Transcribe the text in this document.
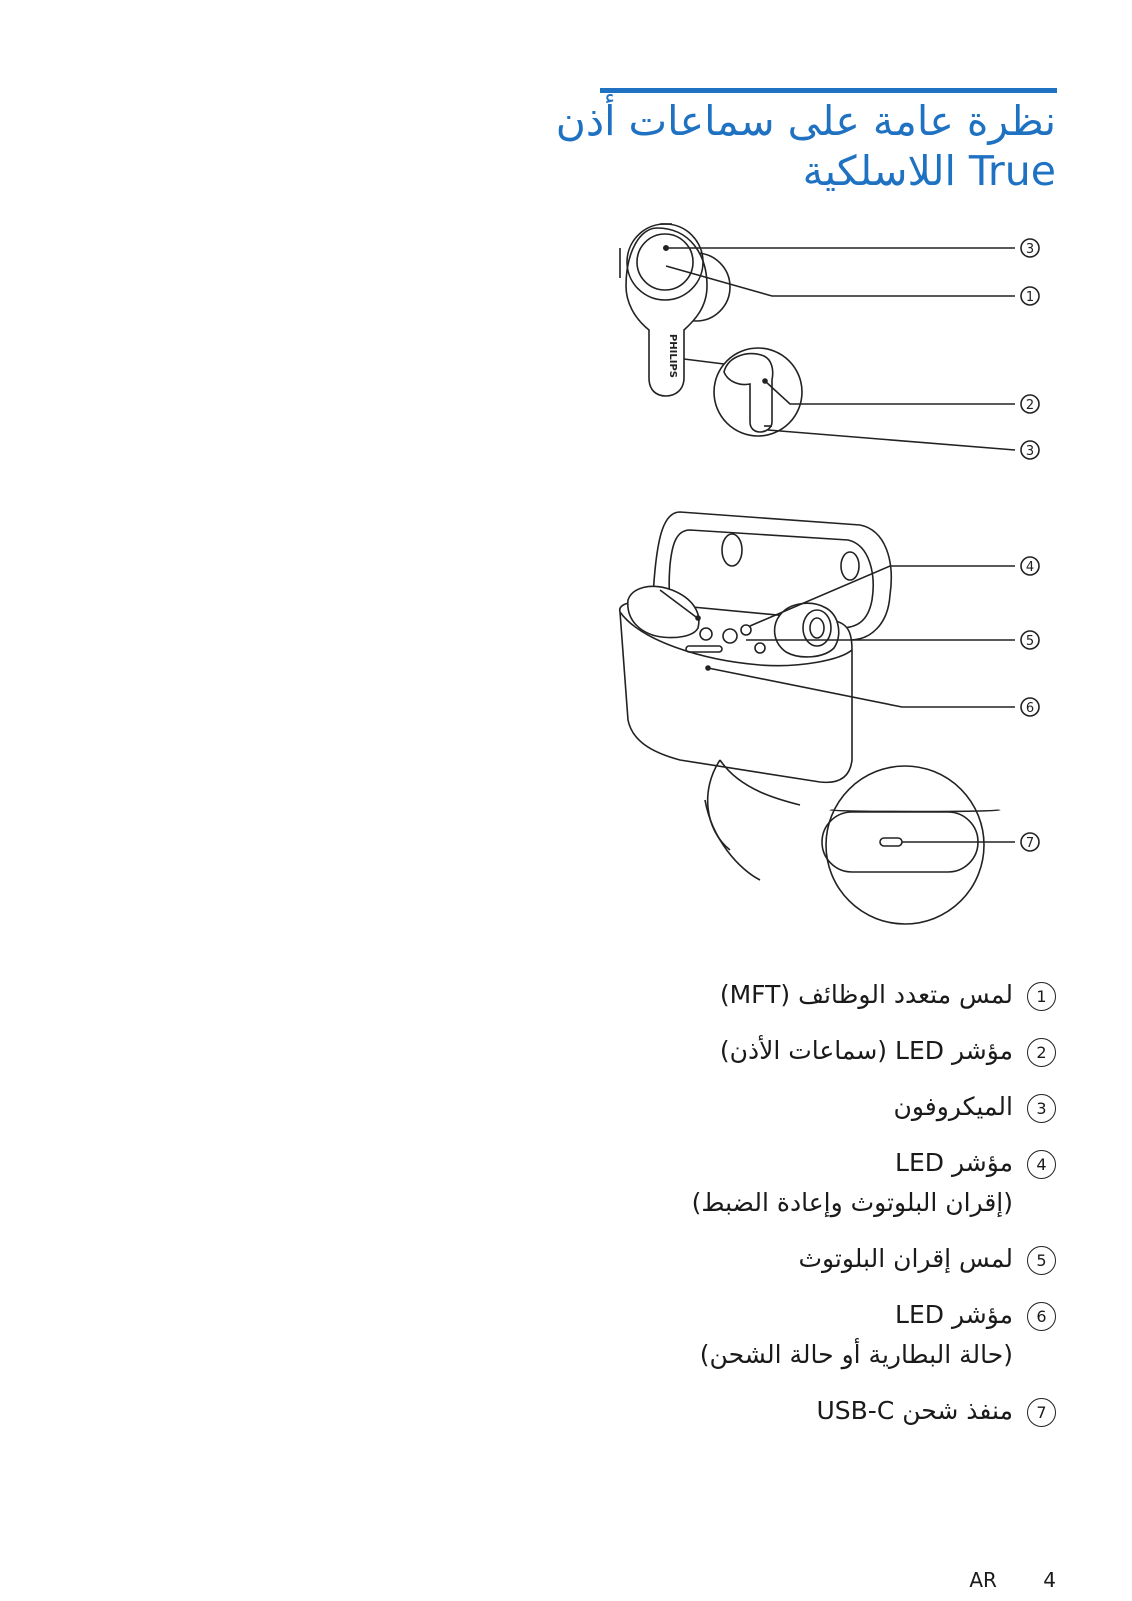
نظرة عامة على سماعات أذن
True اللاسلكية
PHILIPS
3
1
2
3
4
5
6
7
1
لمس متعدد الوظائف (MFT)
2
مؤشر LED (سماعات الأذن)
3
الميكروفون
4
مؤشر LED
(إقران البلوتوث وإعادة الضبط)
5
لمس إقران البلوتوث
6
مؤشر LED
(حالة البطارية أو حالة الشحن)
7
منفذ شحن USB-C
AR 4
